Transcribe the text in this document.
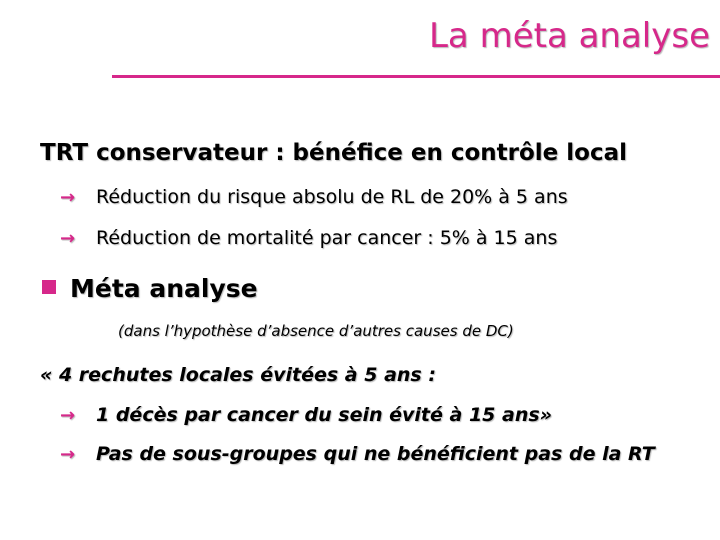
La méta analyse
TRT conservateur : bénéfice en contrôle local
→ Réduction du risque absolu de RL de 20% à 5 ans
→ Réduction de mortalité par cancer : 5% à 15 ans
Méta analyse
(dans l’hypothèse d’absence d’autres causes de DC)
« 4 rechutes locales évitées à 5 ans :
→ 1 décès par cancer du sein évité à 15 ans»
→ Pas de sous-groupes qui ne bénéficient pas de la RT
